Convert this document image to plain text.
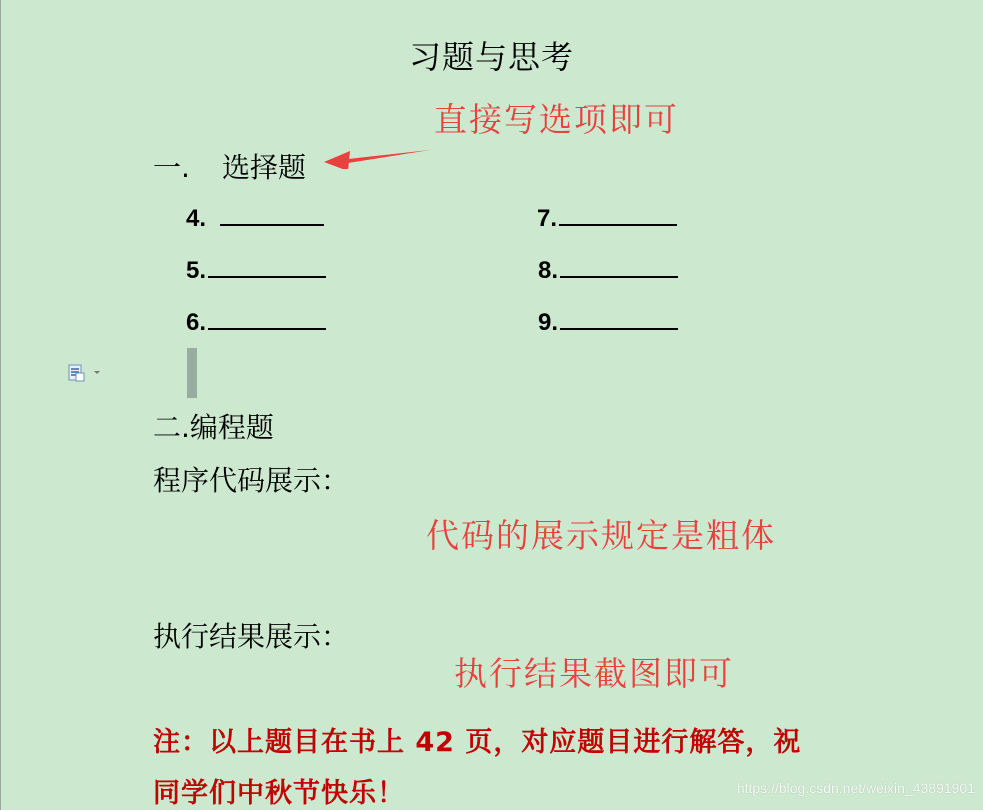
习题与思考
直接写选项即可
一. 选择题
4.
5.
6.
7.
8.
9.
二.编程题
程序代码展示：
代码的展示规定是粗体
执行结果展示：
执行结果截图即可
注：以上题目在书上 42 页，对应题目进行解答，祝
同学们中秋节快乐！	https://blog.csdn.net/weixin_43891901
